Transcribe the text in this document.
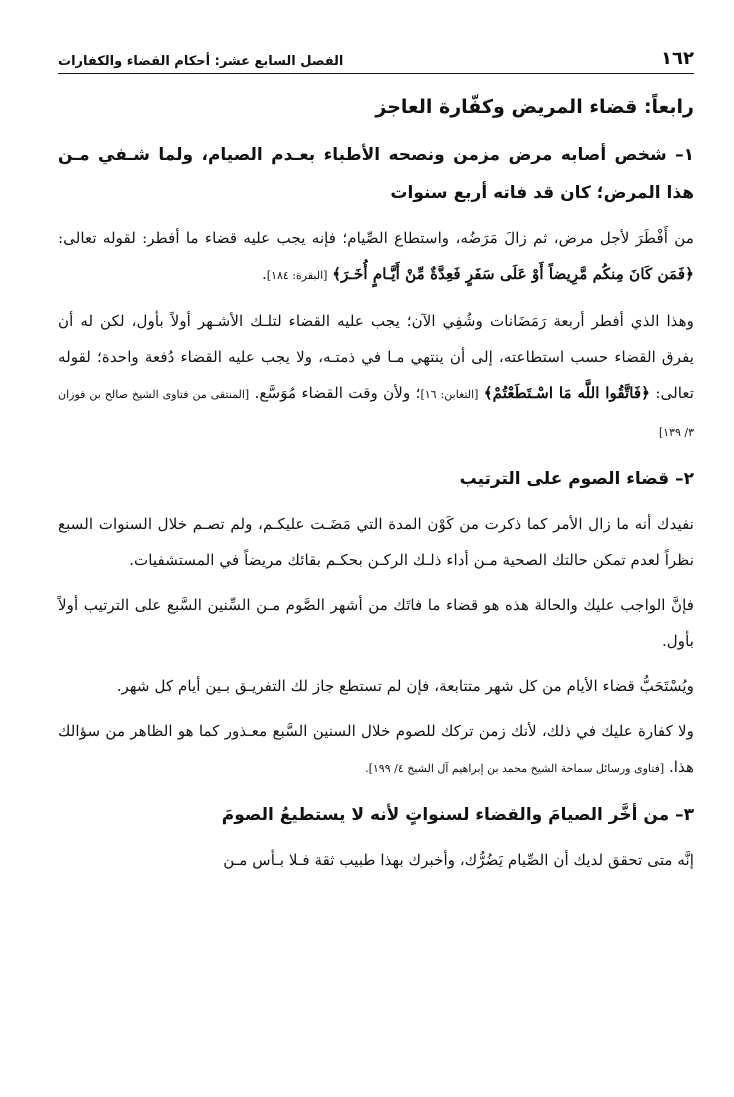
١٦٢
الفصل السابع عشر: أحكام القضاء والكفارات
رابعاً: قضاء المريض وكفّارة العاجز
١– شخص أصابه مرض مزمن ونصحه الأطباء بعـدم الصيام، ولما شـفي مـن هذا المرض؛ كان قد فاته أربع سنوات

من أَفْطَرَ لأجل مرض، ثم زالَ مَرَضُه، واستطاع الصِّيام؛ فإنه يجب عليه قضاء ما أفطر: لقوله تعالى: ﴿فَمَن كَانَ مِنكُم مَّرِيضاً أَوْ عَلَى سَفَرٍ فَعِدَّةٌ مِّنْ أَيَّـامٍ أُخَـرَ﴾ [البقرة: ١٨٤].

وهذا الذي أفطر أربعة رَمَضَانات وشُفِي الآن؛ يجب عليه القضاء لتلـك الأشـهر أولاً بأول، لكن له أن يفرق القضاء حسب استطاعته، إلى أن ينتهي مـا في ذمتـه، ولا يجب عليه القضاء دُفعة واحدة؛ لقوله تعالى: ﴿فَاتَّقُوا اللَّه مَا اسْـتَطَعْتُمْ﴾ [التغابن: ١٦]؛ ولأن وقت القضاء مُوَسَّع. [المنتقى من فتاوى الشيخ صالح بن فوزان ٣/ ١٣٩]

٢– قضاء الصوم على الترتيب

نفيدك أنه ما زال الأمر كما ذكرت من كَوْن المدة التي مَضَـت عليكـم، ولم تصـم خلال السنوات السبع نظراً لعدم تمكن حالتك الصحية مـن أداء ذلـك الركـن بحكـم بقائك مريضاً في المستشفيات.

فإنَّ الواجب عليك والحالة هذه هو قضاء ما فاتَك من أشهر الصَّوم مـن السِّنين السَّبع على الترتيب أولاً بأول.

ويُسْتَحَبُّ قضاء الأيام من كل شهر متتابعة، فإن لم تستطع جاز لك التفريـق بـين أيام كل شهر.

ولا كفارة عليك في ذلك، لأنك زمن تركك للصوم خلال السنين السَّبع معـذور كما هو الظاهر من سؤالك هذا. [فتاوى ورسائل سماحة الشيخ محمد بن إبراهيم آل الشيخ ٤/ ١٩٩].

٣– من أخَّر الصيامَ والقضاء لسنواتٍ لأنه لا يستطيعُ الصومَ

إنَّه متى تحقق لديك أن الصِّيام يَضُرُّك، وأخبرك بهذا طبيب ثقة فـلا بـأس مـن
